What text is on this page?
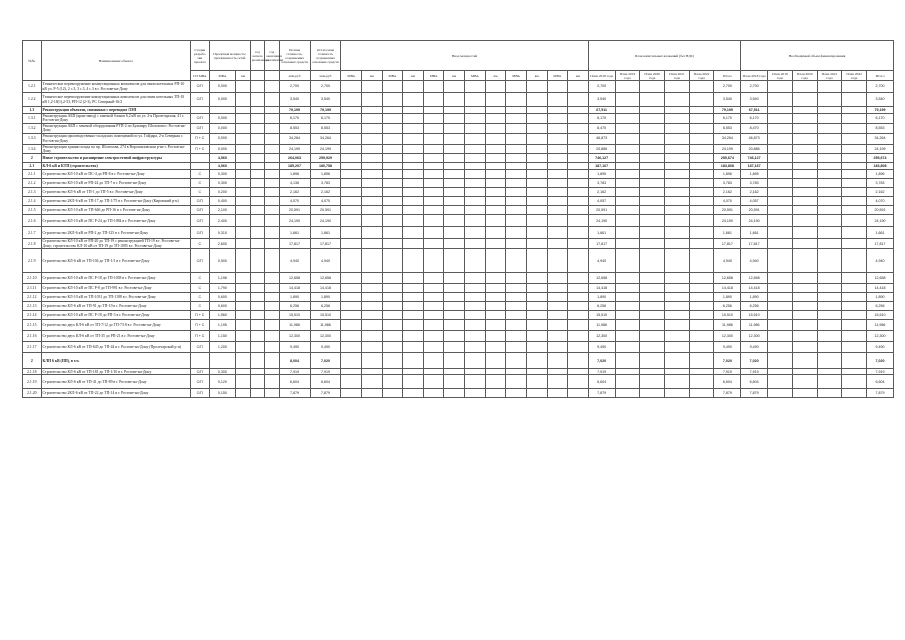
№№	Наименование объекта	Стадия разрабо тки проекта	Проектная мощность/ протяженность сетей		год начала реализации	год окончания реализации	Полная стоимость, создаваемых основных средств	Остаточная стоимость создаваемых основных средств	Ввод мощностей												План капитальных вложений (без НДС)						Необходимый объем финансирования					
		СП МВА	МВА	км			млн.руб	млн.руб	МВА	км	МВА	км	МВА	км	МВА	км	МВА	км	МВА	км	План 2018 года	План 2019 года	План 2020 года	План 2021 года	План 2022 года	Итого	План 2018 года	План 2019 года	План 2020 года	План 2021 года	План 2022 года	Итого
1.2.1	Технические перевооружение коммутационных комплексов для связи котельных РП-10 кВ ул. Р-5 (12), 2 с.3, 3 с.3, 4 с.3 в г. Ростове-на-Дону	С/П	0,000				2,700	2,700													2,700					2,700	2,700					2,700
1.2.2	Техническое перевооружение коммутационных комплексов для связи котельных ТП-10 кВ 1,2-18(1),2-53, РП-12 (2-3), РС Северный-16/2	С/П	0,000				3,540	3,540													3,540					3,540	3,540					3,540
1.3	Реконструкция объектов, связанных с переводом ЛЭП						79,199	79,199													67,511					79,199	67,511					79,199
1.3.1	Реконструкция АБП (кран-завод) с заменой блоков 6,2 кВ по ул. 2-я Пролетарская, 41 г. Ростов-на-Дону	С/П	0,000				6,170	6,170													6,170					6,170	6,170					6,170
1.3.2	Реконструкция АБП с заменой оборудования РТП-2 по Бульвару Шолохова г. Ростов-на-Дону	С/П	0,000				8,553	8,553													8,470					8,553	8,470					8,553
1.3.3	Реконструкция производственно-складских помещений по ул. Гайдара, 2-я Северная г. Ростов-на-Дону	П + С	0,000				34,264	34,264													46,873					34,264	46,873					34,264
1.3.4	Реконструкция здания склада по пр. Шолохова, 274 в Ворошиловском р-не г. Ростов-на-Дону	П + С	0,000				24,199	24,199													20,886					24,199	20,886					24,199
2	Новое строительство и расширение электросетевой инфраструктуры		4,560				264,063	259,929													746,127					255,674	746,127					255,674
2.1	КЛ-6 кВ и КТП (строительство)		4,560				185,207	180,758													187,167					183,808	187,167					183,808
2.1.1	Строительство КЛ-10 кВ от ПС-4 до РП-8 в г. Ростове-на-Дону	С	0,300				1,896	1,896													1,895					1,896	1,895					1,896
2.1.2	Строительство КЛ-10 кВ от РП-24 до ТП-7 в г. Ростове-на-Дону	С	0,300				4,136	3,783													3,783					3,783	3,783					3,783
2.1.3	Строительство КЛ-6 кВ от ТП-1 до ТП-5 в г. Ростове-на-Дону	С	0,200				2,162	2,162													2,162					2,162	2,162					2,162
2.1.4	Строительство 2КЛ-6 кВ от ТП-17 до ТП-1/75 в г. Ростове-на-Дону (Кировский р-н)	С/П	0,400				4,070	4,070													4,057					4,070	4,057					4,070
2.1.5	Строительство КЛ-10 кВ от ТП-646 до РП-16 в г. Ростове-на-Дону	С/П	2,100				20,591	20,591													20,591					20,591	20,591					20,591
2.1.6	Строительство КЛ-10 кВ от ПС Р-24 до ТП-1084 в г. Ростове-на-Дону	С/П	2,400				24,190	24,190													24,190					24,190	24,190					24,190
2.1.7	Строительство 2КЛ-6 кВ от РП-2 до ТП-125 в г. Ростове-на-Дону	С/П	0,310				1,661	1,661													1,661					1,661	1,661					1,661
2.1.8	Строительство КЛ-10 кВ от РП-20 до ТП-19 с реконструкцией ТП-19 в г. Ростове-на-Дону; строительство КЛ-10 кВ от ТП-19 до ТП-1085 в г. Ростове-на-Дону	С	2,600				17,817	17,817													17,817					17,817	17,817					17,817
2.1.9	Строительство КЛ-6 кВ от ТП-104 до ТП-1/1 в г. Ростове-на-Дону	С/П	0,500				4,940	4,940													4,940					4,940	4,940					4,940
2.1.10	Строительство КЛ-10 кВ от ПС Р-18 до ТП-1058 в г. Ростове-на-Дону	С	1,196				12,658	12,658													12,658					12,658	12,658					12,658
2.1.11	Строительство КЛ-10 кВ от ПС Р-8 до ТП-991 в г. Ростове-на-Дону	С	1,790				14,418	14,418													14,418					14,418	14,418					14,418
2.1.12	Строительство КЛ-10 кВ от ТП-1031 до ТП-1188 в г. Ростове-на-Дону	С	0,600				1,890	1,890													1,890					1,890	1,890					1,890
2.1.13	Строительство КЛ-6 кВ от ТП-91 до ТП-19 в г. Ростове-на-Дону	С	0,600				6,256	6,256													6,256					6,256	6,256					6,256
2.1.14	Строительство КЛ-10 кВ от ПС Р-18 до РП-3 в г. Ростове-на-Дону	П + С	1,560				15,510	15,510													15,510					15,510	15,510					15,510
2.1.15	Строительство двух КЛ-6 кВ от ТП-7/12 до ТП-7/18 в г. Ростове-на-Дону	П + С	1,195				11,986	11,986													11,986					11,986	11,986					11,986
2.1.16	Строительство двух КЛ-6 кВ от ТП-35 до РП-21 в г. Ростове-на-Дону	П + С	1,150				12,300	12,300													12,300					12,300	12,300					12,300
2.1.17	Строительство КЛ-6 кВ от ТП-645 до ТП-44 в г. Ростове-на-Дону (Пролетарский р-н)	С/П	1,200				9,490	9,490													9,490					9,490	9,490					9,490
2	КЛП 6 кВ (ПП), в т.ч.						8,004	7,020													7,020					7,020	7,020					7,020
2.1.18	Строительство КЛ-6 кВ от ТП-181 до ТП-1/10 в г. Ростове-на-Дону	С/П	0,300				7,919	7,919													7,919					7,919	7,919					7,919
2.1.19	Строительство КЛ-6 кВ от ТП-41 до ТП-89 в г. Ростове-на-Дону	С/П	0,120				6,604	6,604													6,604					6,604	6,604					6,604
2.1.20	Строительство 2КЛ-6 кВ от ТП-22 до ТП-14 в г. Ростове-на-Дону	С/П	0,150				7,879	7,879													7,879					7,879	7,879					7,879
